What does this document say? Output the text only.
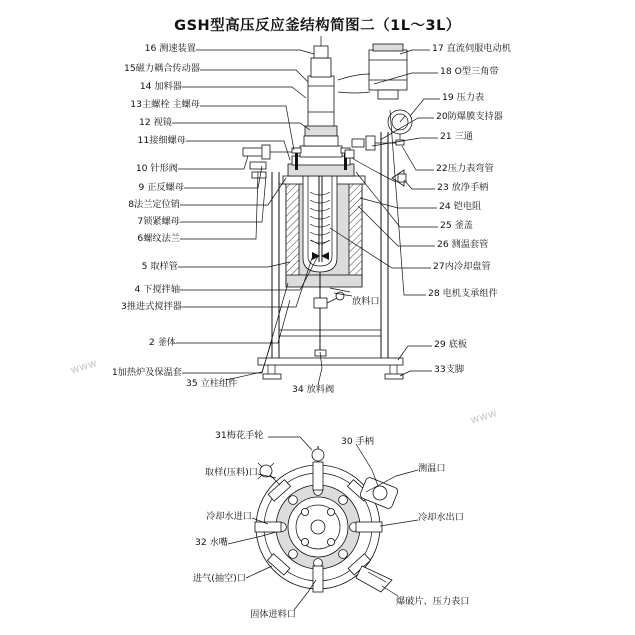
GSH型高压反应釜结构简图二（1L～3L）
16 测速装置
15磁力耦合传动器
14 加料器
13主螺栓 主螺母
12 视镜
11接细螺母
10 针形阀
9 正反螺母
8法兰定位销
7锁紧螺母
6螺纹法兰
5 取样管
4 下搅拌轴
3推进式搅拌器
2 釜体
1加热炉及保温套
17 直流伺服电动机
18 O型三角带
19 压力表
20防爆膜支持器
21 三通
22压力表弯管
23 放净手柄
24 铠电阻
25 釜盖
26 测温套管
27内冷却盘管
28 电机支承组件
29 底板
33支脚
35 立柱组件
34 放料阀
放料口
31梅花手轮
30 手柄
取样(压料)口	测温口
冷却水进口	冷却水出口
32 水嘴
进气(抽空)口
爆破片、压力表口
固体进料口
www
www
